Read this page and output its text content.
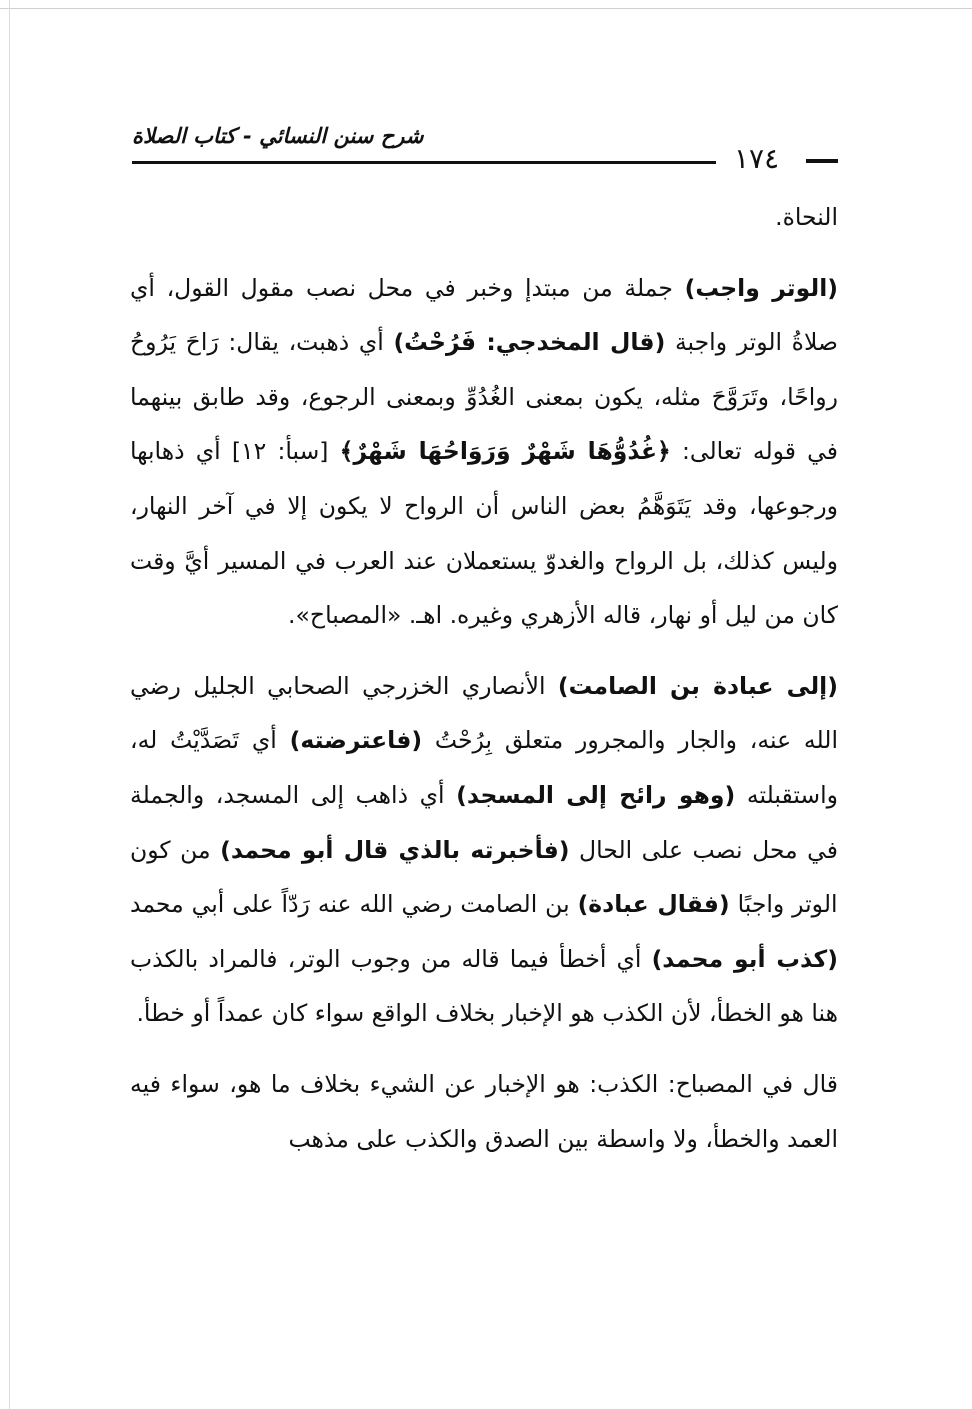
شرح سنن النسائي - كتاب الصلاة
١٧٤

النحاة.

(الوتر واجب) جملة من مبتدإ وخبر في محل نصب مقول القول، أي صلاةُ الوتر واجبة (قال المخدجي: فَرُحْتُ) أي ذهبت، يقال: رَاحَ يَرُوحُ رواحًا، وتَرَوَّحَ مثله، يكون بمعنى الغُدُوِّ وبمعنى الرجوع، وقد طابق بينهما في قوله تعالى: ﴿غُدُوُّهَا شَهْرٌ وَرَوَاحُهَا شَهْرٌ﴾ [سبأ: ١٢] أي ذهابها ورجوعها، وقد يَتَوَهَّمُ بعض الناس أن الرواح لا يكون إلا في آخر النهار، وليس كذلك، بل الرواح والغدوّ يستعملان عند العرب في المسير أيَّ وقت كان من ليل أو نهار، قاله الأزهري وغيره. اهـ. «المصباح».

(إلى عبادة بن الصامت) الأنصاري الخزرجي الصحابي الجليل رضي الله عنه، والجار والمجرور متعلق بِرُحْتُ (فاعترضته) أي تَصَدَّيْتُ له، واستقبلته (وهو رائح إلى المسجد) أي ذاهب إلى المسجد، والجملة في محل نصب على الحال (فأخبرته بالذي قال أبو محمد) من كون الوتر واجبًا (فقال عبادة) بن الصامت رضي الله عنه رَدّاً على أبي محمد (كذب أبو محمد) أي أخطأ فيما قاله من وجوب الوتر، فالمراد بالكذب هنا هو الخطأ، لأن الكذب هو الإخبار بخلاف الواقع سواء كان عمداً أو خطأ.

قال في المصباح: الكذب: هو الإخبار عن الشيء بخلاف ما هو، سواء فيه العمد والخطأ، ولا واسطة بين الصدق والكذب على مذهب
